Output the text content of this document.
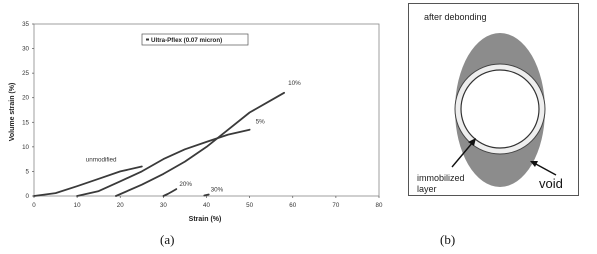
0
5
10
15
20
25
30
35
0	10	20	30	40	50	60	70	80
unmodified
5%
10%
20%
30%
Volume strain (%)
Strain (%)
Ultra-Pflex (0.07 micron)
after debonding
immobilized
layer	void
(a)	(b)
